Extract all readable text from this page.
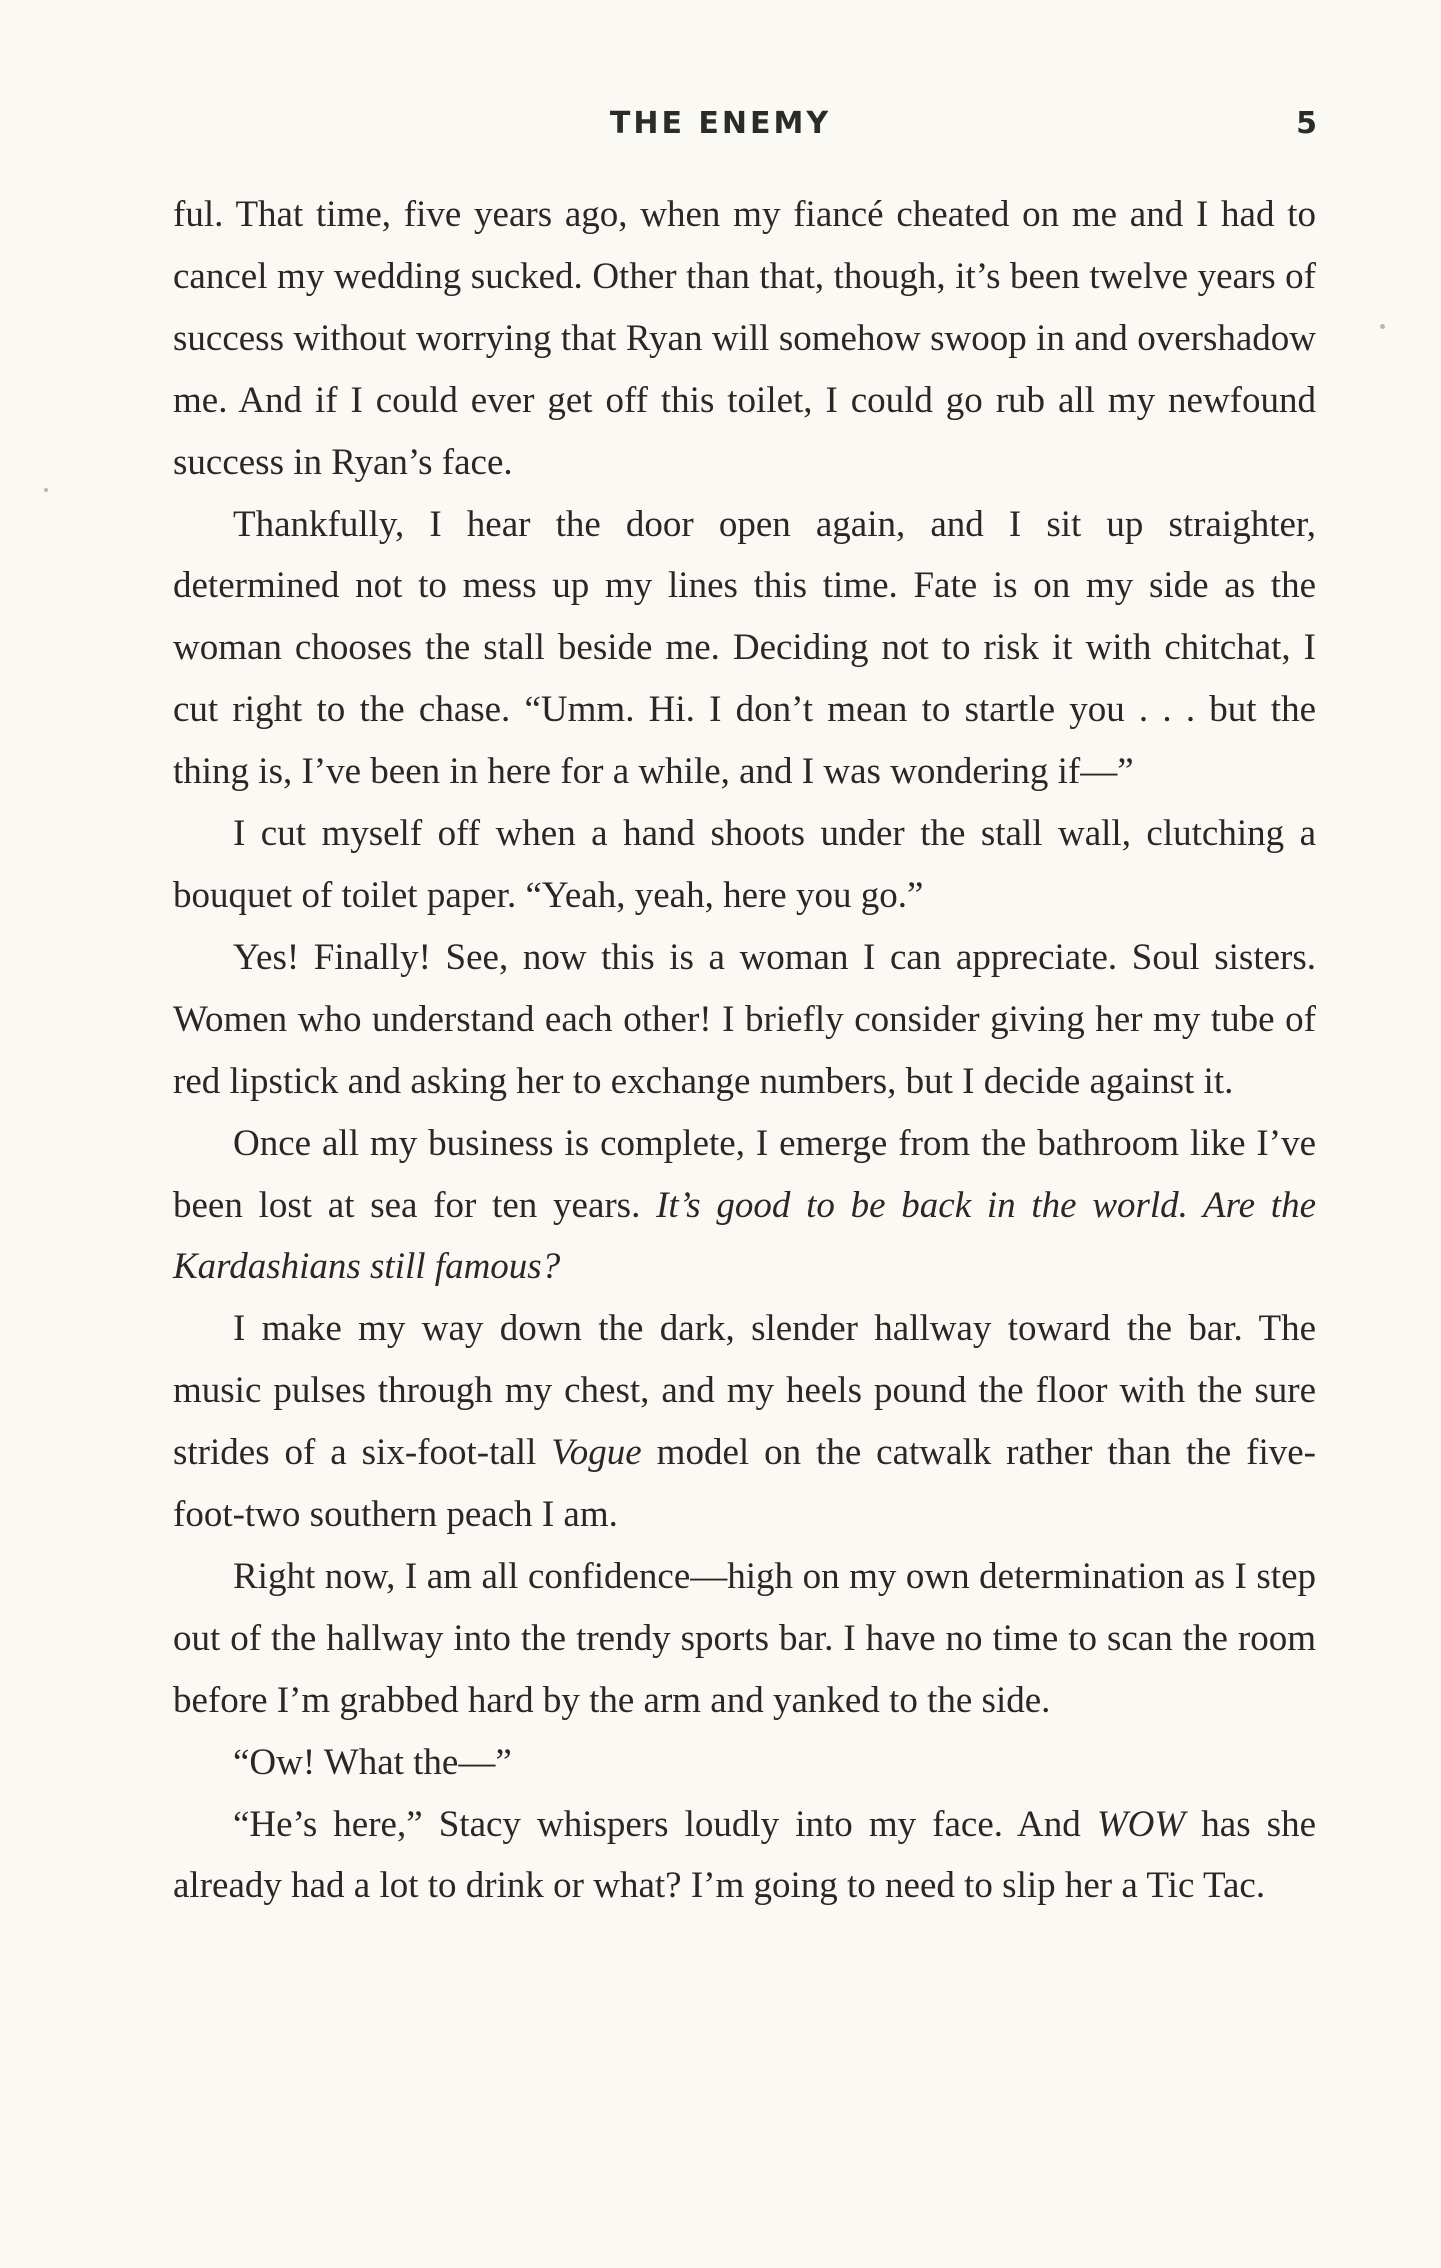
THE ENEMY	5

ful. That time, five years ago, when my fiancé cheated on me and I had to cancel my wedding sucked. Other than that, though, it’s been twelve years of success without worrying that Ryan will somehow swoop in and overshadow me. And if I could ever get off this toilet, I could go rub all my newfound success in Ryan’s face.

Thankfully, I hear the door open again, and I sit up straighter, determined not to mess up my lines this time. Fate is on my side as the woman chooses the stall beside me. Deciding not to risk it with chitchat, I cut right to the chase. “Umm. Hi. I don’t mean to startle you . . . but the thing is, I’ve been in here for a while, and I was wondering if—”

I cut myself off when a hand shoots under the stall wall, clutching a bouquet of toilet paper. “Yeah, yeah, here you go.”

Yes! Finally! See, now this is a woman I can appreciate. Soul sisters. Women who understand each other! I briefly consider giving her my tube of red lipstick and asking her to exchange numbers, but I decide against it.

Once all my business is complete, I emerge from the bathroom like I’ve been lost at sea for ten years. It’s good to be back in the world. Are the Kardashians still famous?

I make my way down the dark, slender hallway toward the bar. The music pulses through my chest, and my heels pound the floor with the sure strides of a six-foot-tall Vogue model on the catwalk rather than the five-foot-two southern peach I am.

Right now, I am all confidence—high on my own determination as I step out of the hallway into the trendy sports bar. I have no time to scan the room before I’m grabbed hard by the arm and yanked to the side.

“Ow! What the—”

“He’s here,” Stacy whispers loudly into my face. And WOW has she already had a lot to drink or what? I’m going to need to slip her a Tic Tac.
